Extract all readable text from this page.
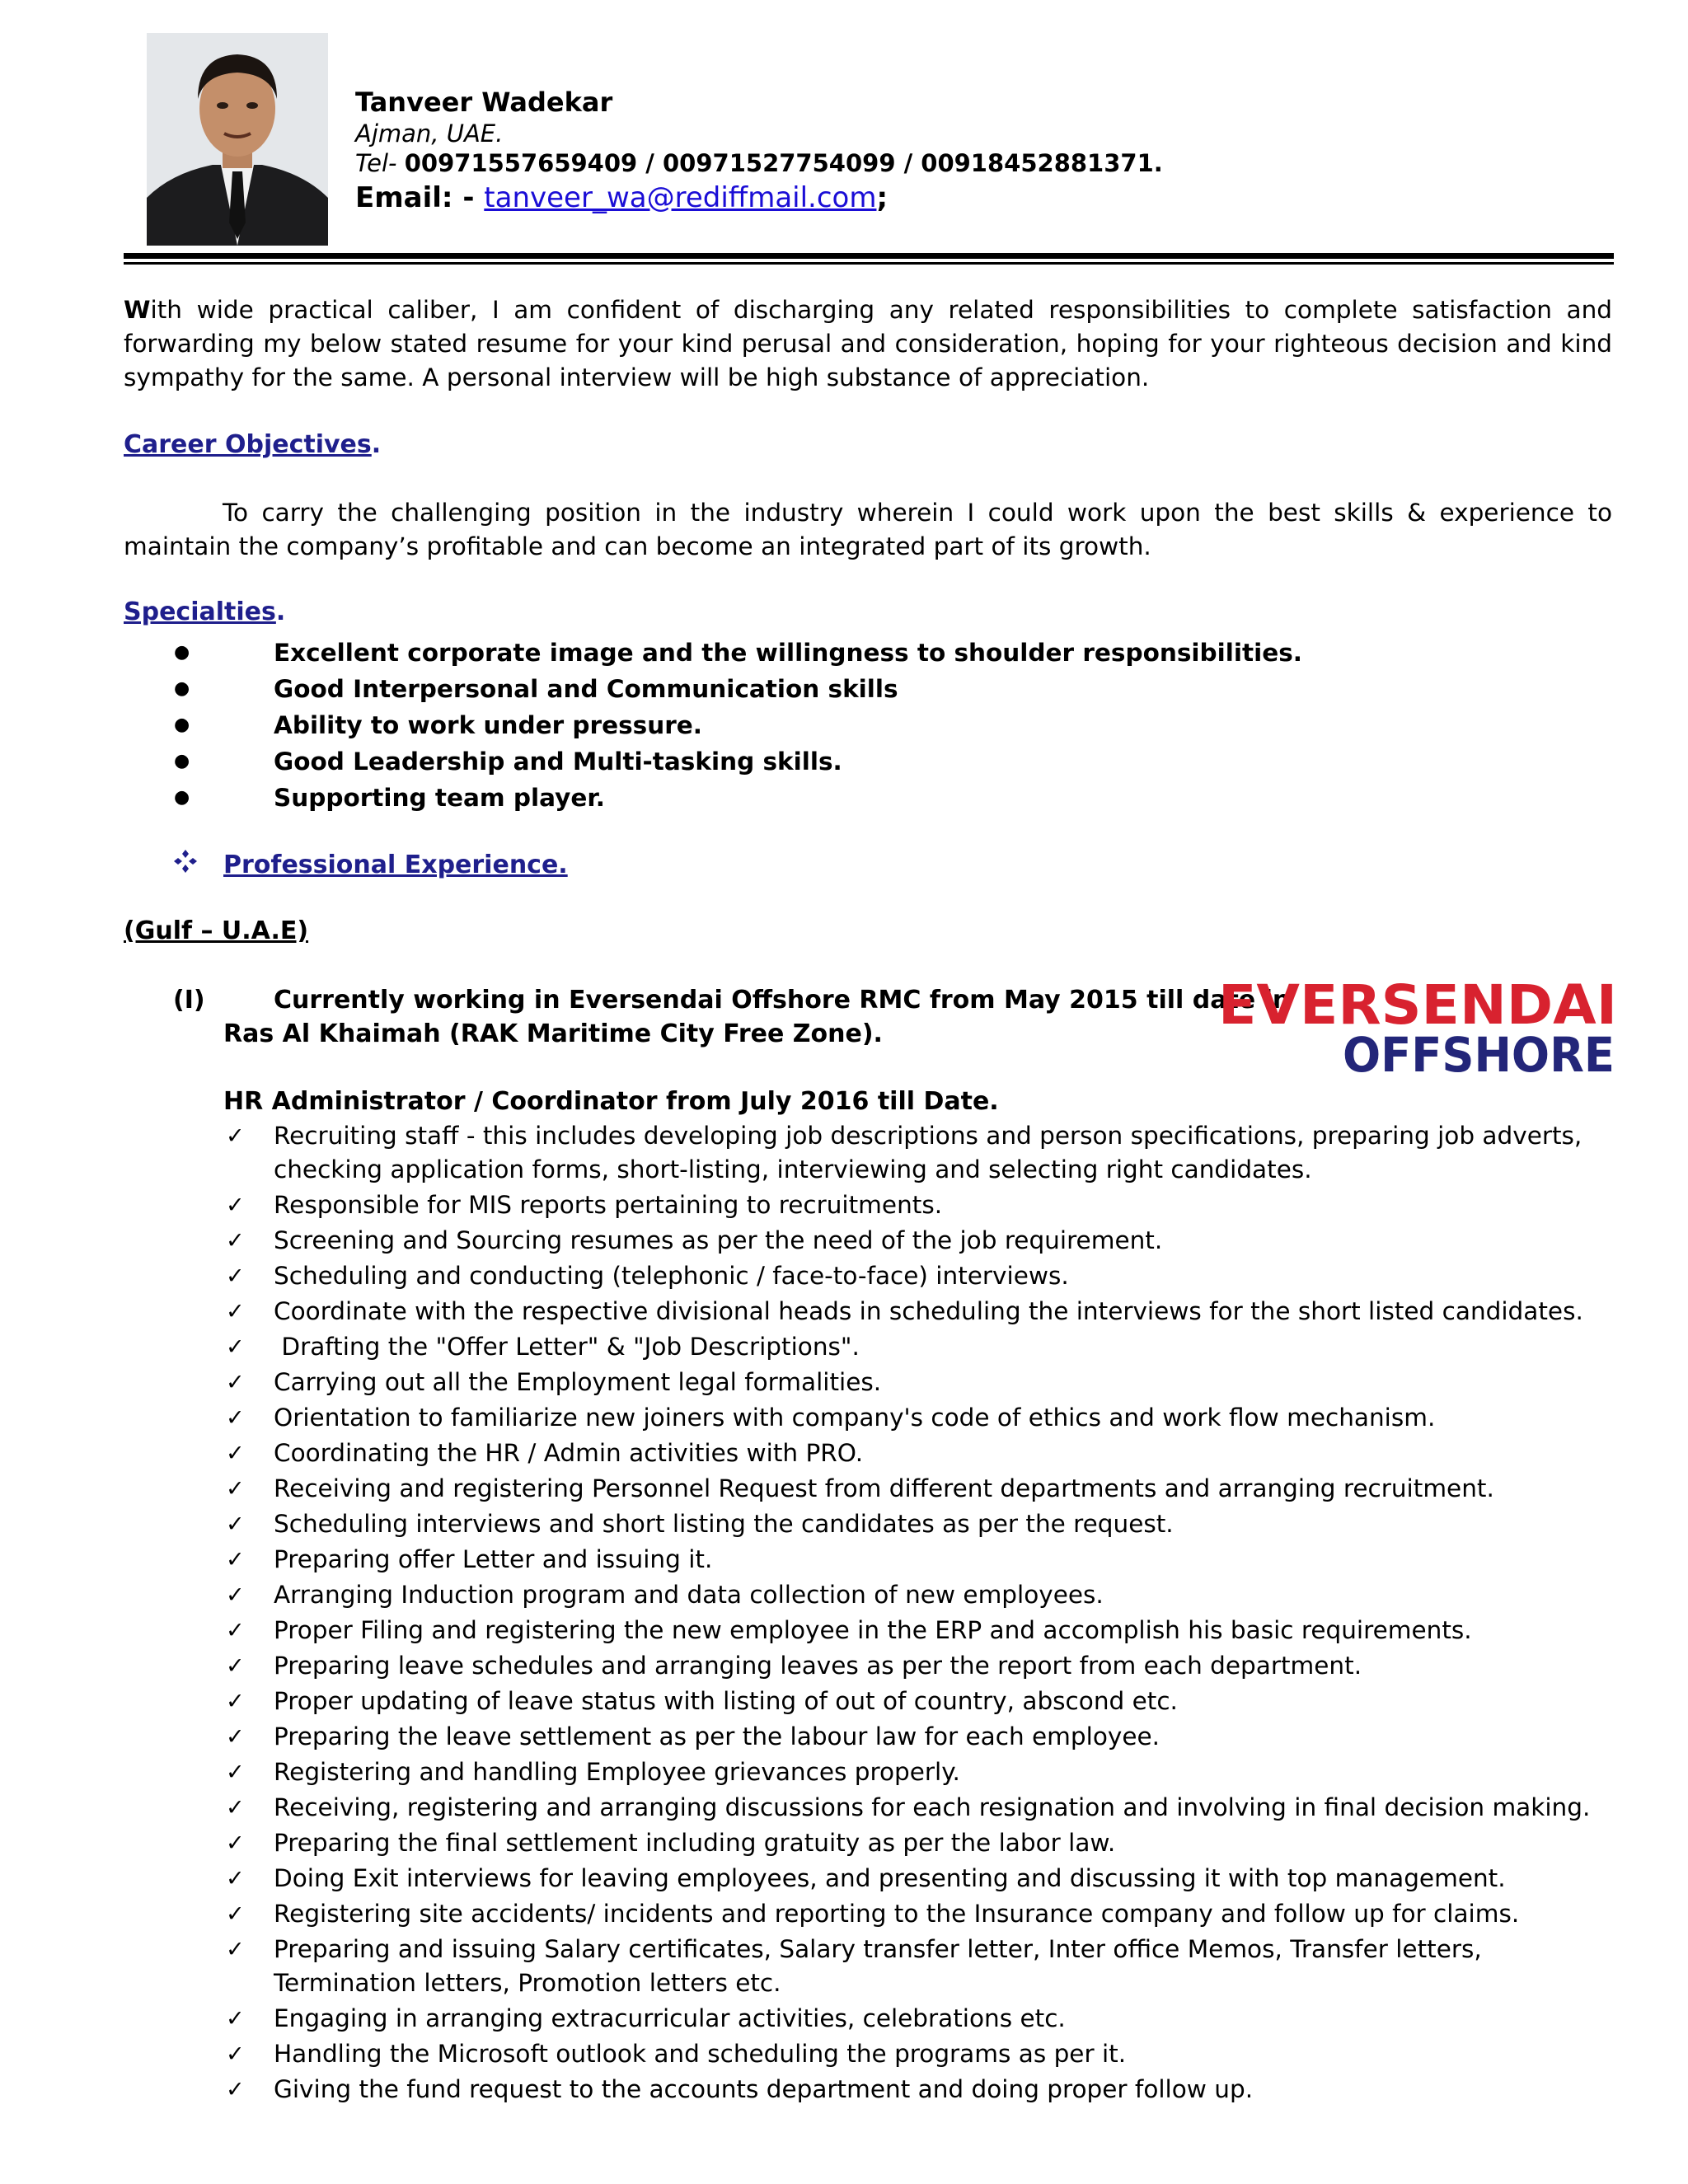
Tanveer Wadekar
Ajman, UAE.
Tel- 00971557659409 / 00971527754099 / 00918452881371.
Email: - tanveer_wa@rediffmail.com;
With wide practical caliber, I am confident of discharging any related responsibilities to complete satisfaction and forwarding my below stated resume for your kind perusal and consideration, hoping for your righteous decision and kind sympathy for the same. A personal interview will be high substance of appreciation.
Career Objectives.
To carry the challenging position in the industry wherein I could work upon the best skills & experience to maintain the company’s profitable and can become an integrated part of its growth.
Specialties.
●	Excellent corporate image and the willingness to shoulder responsibilities.
●	Good Interpersonal and Communication skills
●	Ability to work under pressure.
●	Good Leadership and Multi-tasking skills.
●	Supporting team player.
Professional Experience.
(Gulf – U.A.E)
(I)	Currently working in Eversendai Offshore RMC from May 2015 till date in
Ras Al Khaimah (RAK Maritime City Free Zone).	EVERSENDAI
OFFSHORE
HR Administrator / Coordinator from July 2016 till Date.
✓ Recruiting staff - this includes developing job descriptions and person specifications, preparing job adverts, checking application forms, short-listing, interviewing and selecting right candidates.
✓ Responsible for MIS reports pertaining to recruitments.
✓ Screening and Sourcing resumes as per the need of the job requirement.
✓ Scheduling and conducting (telephonic / face-to-face) interviews.
✓ Coordinate with the respective divisional heads in scheduling the interviews for the short listed candidates.
✓ Drafting the "Offer Letter" & "Job Descriptions".
✓ Carrying out all the Employment legal formalities.
✓ Orientation to familiarize new joiners with company's code of ethics and work flow mechanism.
✓ Coordinating the HR / Admin activities with PRO.
✓ Receiving and registering Personnel Request from different departments and arranging recruitment.
✓ Scheduling interviews and short listing the candidates as per the request.
✓ Preparing offer Letter and issuing it.
✓ Arranging Induction program and data collection of new employees.
✓ Proper Filing and registering the new employee in the ERP and accomplish his basic requirements.
✓ Preparing leave schedules and arranging leaves as per the report from each department.
✓ Proper updating of leave status with listing of out of country, abscond etc.
✓ Preparing the leave settlement as per the labour law for each employee.
✓ Registering and handling Employee grievances properly.
✓ Receiving, registering and arranging discussions for each resignation and involving in final decision making.
✓ Preparing the final settlement including gratuity as per the labor law.
✓ Doing Exit interviews for leaving employees, and presenting and discussing it with top management.
✓ Registering site accidents/ incidents and reporting to the Insurance company and follow up for claims.
✓ Preparing and issuing Salary certificates, Salary transfer letter, Inter office Memos, Transfer letters, Termination letters, Promotion letters etc.
✓ Engaging in arranging extracurricular activities, celebrations etc.
✓ Handling the Microsoft outlook and scheduling the programs as per it.
✓ Giving the fund request to the accounts department and doing proper follow up.
